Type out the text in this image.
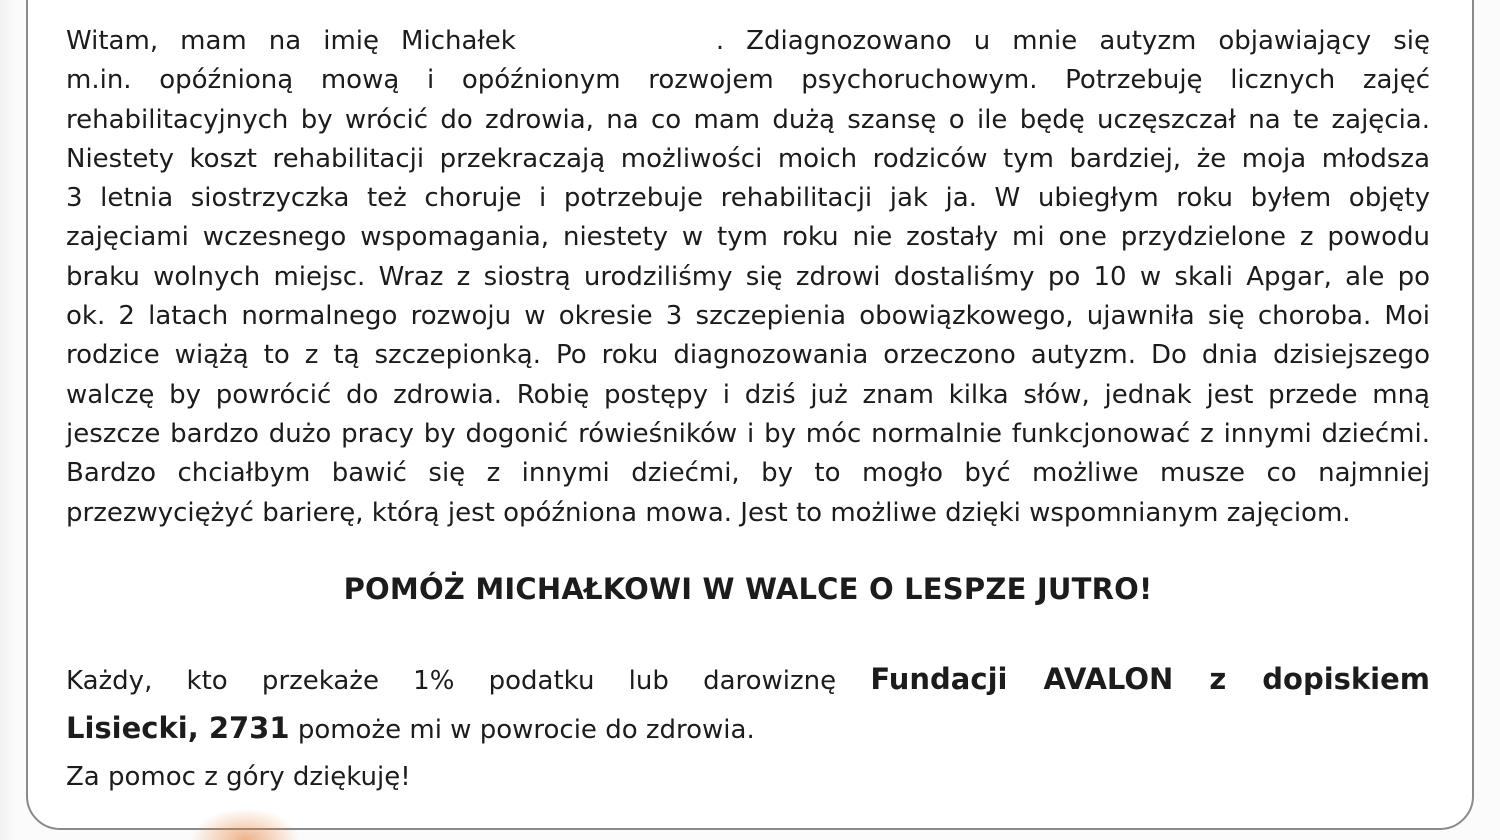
Witam, mam na imię Michałek	. Zdiagnozowano u mnie autyzm objawiający się
m.in. opóźnioną mową i opóźnionym rozwojem psychoruchowym. Potrzebuję licznych zajęć
rehabilitacyjnych by wrócić do zdrowia, na co mam dużą szansę o ile będę uczęszczał na te zajęcia.
Niestety koszt rehabilitacji przekraczają możliwości moich rodziców tym bardziej, że moja młodsza
3 letnia siostrzyczka też choruje i potrzebuje rehabilitacji jak ja. W ubiegłym roku byłem objęty
zajęciami wczesnego wspomagania, niestety w tym roku nie zostały mi one przydzielone z powodu
braku wolnych miejsc. Wraz z siostrą urodziliśmy się zdrowi dostaliśmy po 10 w skali Apgar, ale po
ok. 2 latach normalnego rozwoju w okresie 3 szczepienia obowiązkowego, ujawniła się choroba. Moi
rodzice wiążą to z tą szczepionką. Po roku diagnozowania orzeczono autyzm. Do dnia dzisiejszego
walczę by powrócić do zdrowia. Robię postępy i dziś już znam kilka słów, jednak jest przede mną
jeszcze bardzo dużo pracy by dogonić rówieśników i by móc normalnie funkcjonować z innymi dziećmi.
Bardzo chciałbym bawić się z innymi dziećmi, by to mogło być możliwe musze co najmniej
przezwyciężyć barierę, którą jest opóźniona mowa. Jest to możliwe dzięki wspomnianym zajęciom.
POMÓŻ MICHAŁKOWI W WALCE O LESPZE JUTRO!
Każdy, kto przekaże 1% podatku lub darowiznę Fundacji AVALON z dopiskiem
Lisiecki, 2731 pomoże mi w powrocie do zdrowia.
Za pomoc z góry dziękuję!
